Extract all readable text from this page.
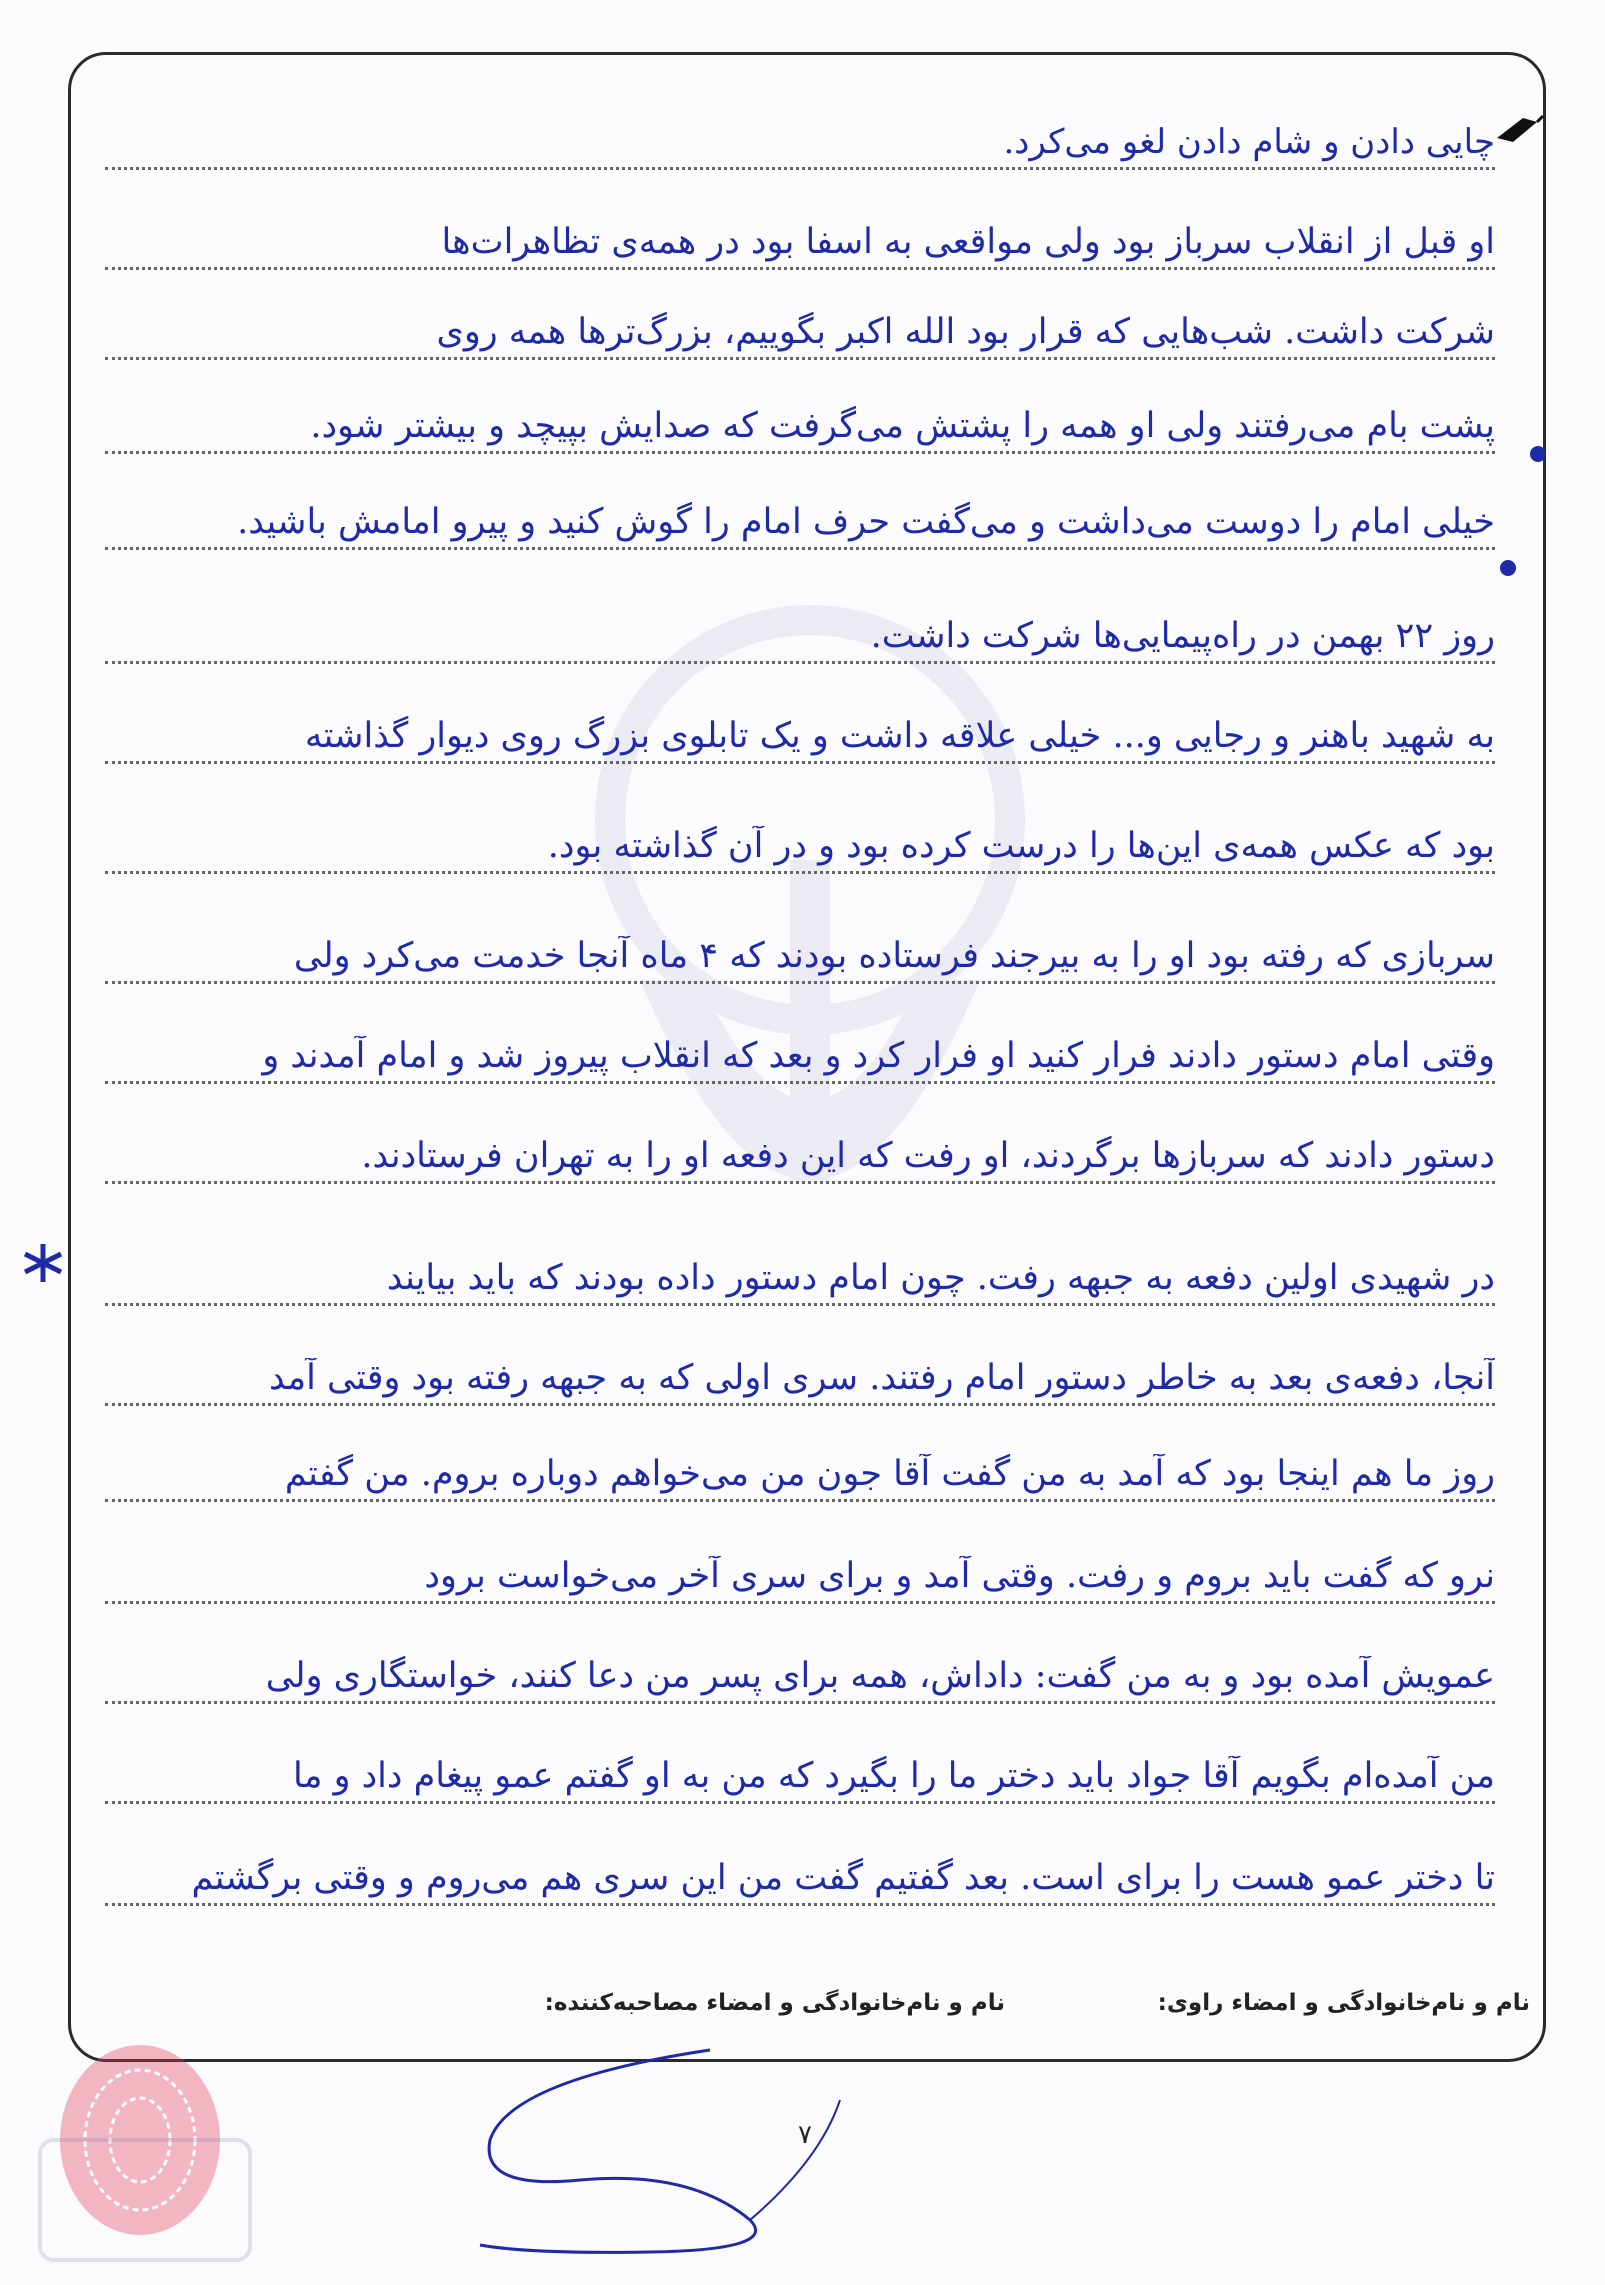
چایی دادن و شام دادن لغو می‌کرد.
او قبل از انقلاب سرباز بود ولی مواقعی به اسفا بود در همه‌ی تظاهرات‌ها
شرکت داشت. شب‌هایی که قرار بود الله اکبر بگوییم، بزرگ‌ترها همه روی
پشت بام می‌رفتند ولی او همه را پشتش می‌گرفت که صدایش بپیچد و بیشتر شود.
خیلی امام را دوست می‌داشت و می‌گفت حرف امام را گوش کنید و پیرو امامش باشید.
روز ۲۲ بهمن در راه‌پیمایی‌ها شرکت داشت.
به شهید باهنر و رجایی و... خیلی علاقه داشت و یک تابلوی بزرگ روی دیوار گذاشته
بود که عکس همه‌ی این‌ها را درست کرده بود و در آن گذاشته بود.
سربازی که رفته بود او را به بیرجند فرستاده بودند که ۴ ماه آنجا خدمت می‌کرد ولی
وقتی امام دستور دادند فرار کنید او فرار کرد و بعد که انقلاب پیروز شد و امام آمدند و
دستور دادند که سربازها برگردند، او رفت که این دفعه او را به تهران فرستادند.
در شهیدی اولین دفعه به جبهه رفت. چون امام دستور داده بودند که باید بیایند
آنجا، دفعه‌ی بعد به خاطر دستور امام رفتند. سری اولی که به جبهه رفته بود وقتی آمد
روز ما هم اینجا بود که آمد به من گفت آقا جون من می‌خواهم دوباره بروم. من گفتم
نرو که گفت باید بروم و رفت. وقتی آمد و برای سری آخر می‌خواست برود
عمویش آمده بود و به من گفت: داداش، همه برای پسر من دعا کنند، خواستگاری ولی
من آمده‌ام بگویم آقا جواد باید دختر ما را بگیرد که من به او گفتم عمو پیغام داد و ما
تا دختر عمو هست را برای است. بعد گفتیم گفت من این سری هم می‌روم و وقتی برگشتم
نام و نام‌خانوادگی و امضاء راوی:
نام و نام‌خانوادگی و امضاء مصاحبه‌کننده:
۷
